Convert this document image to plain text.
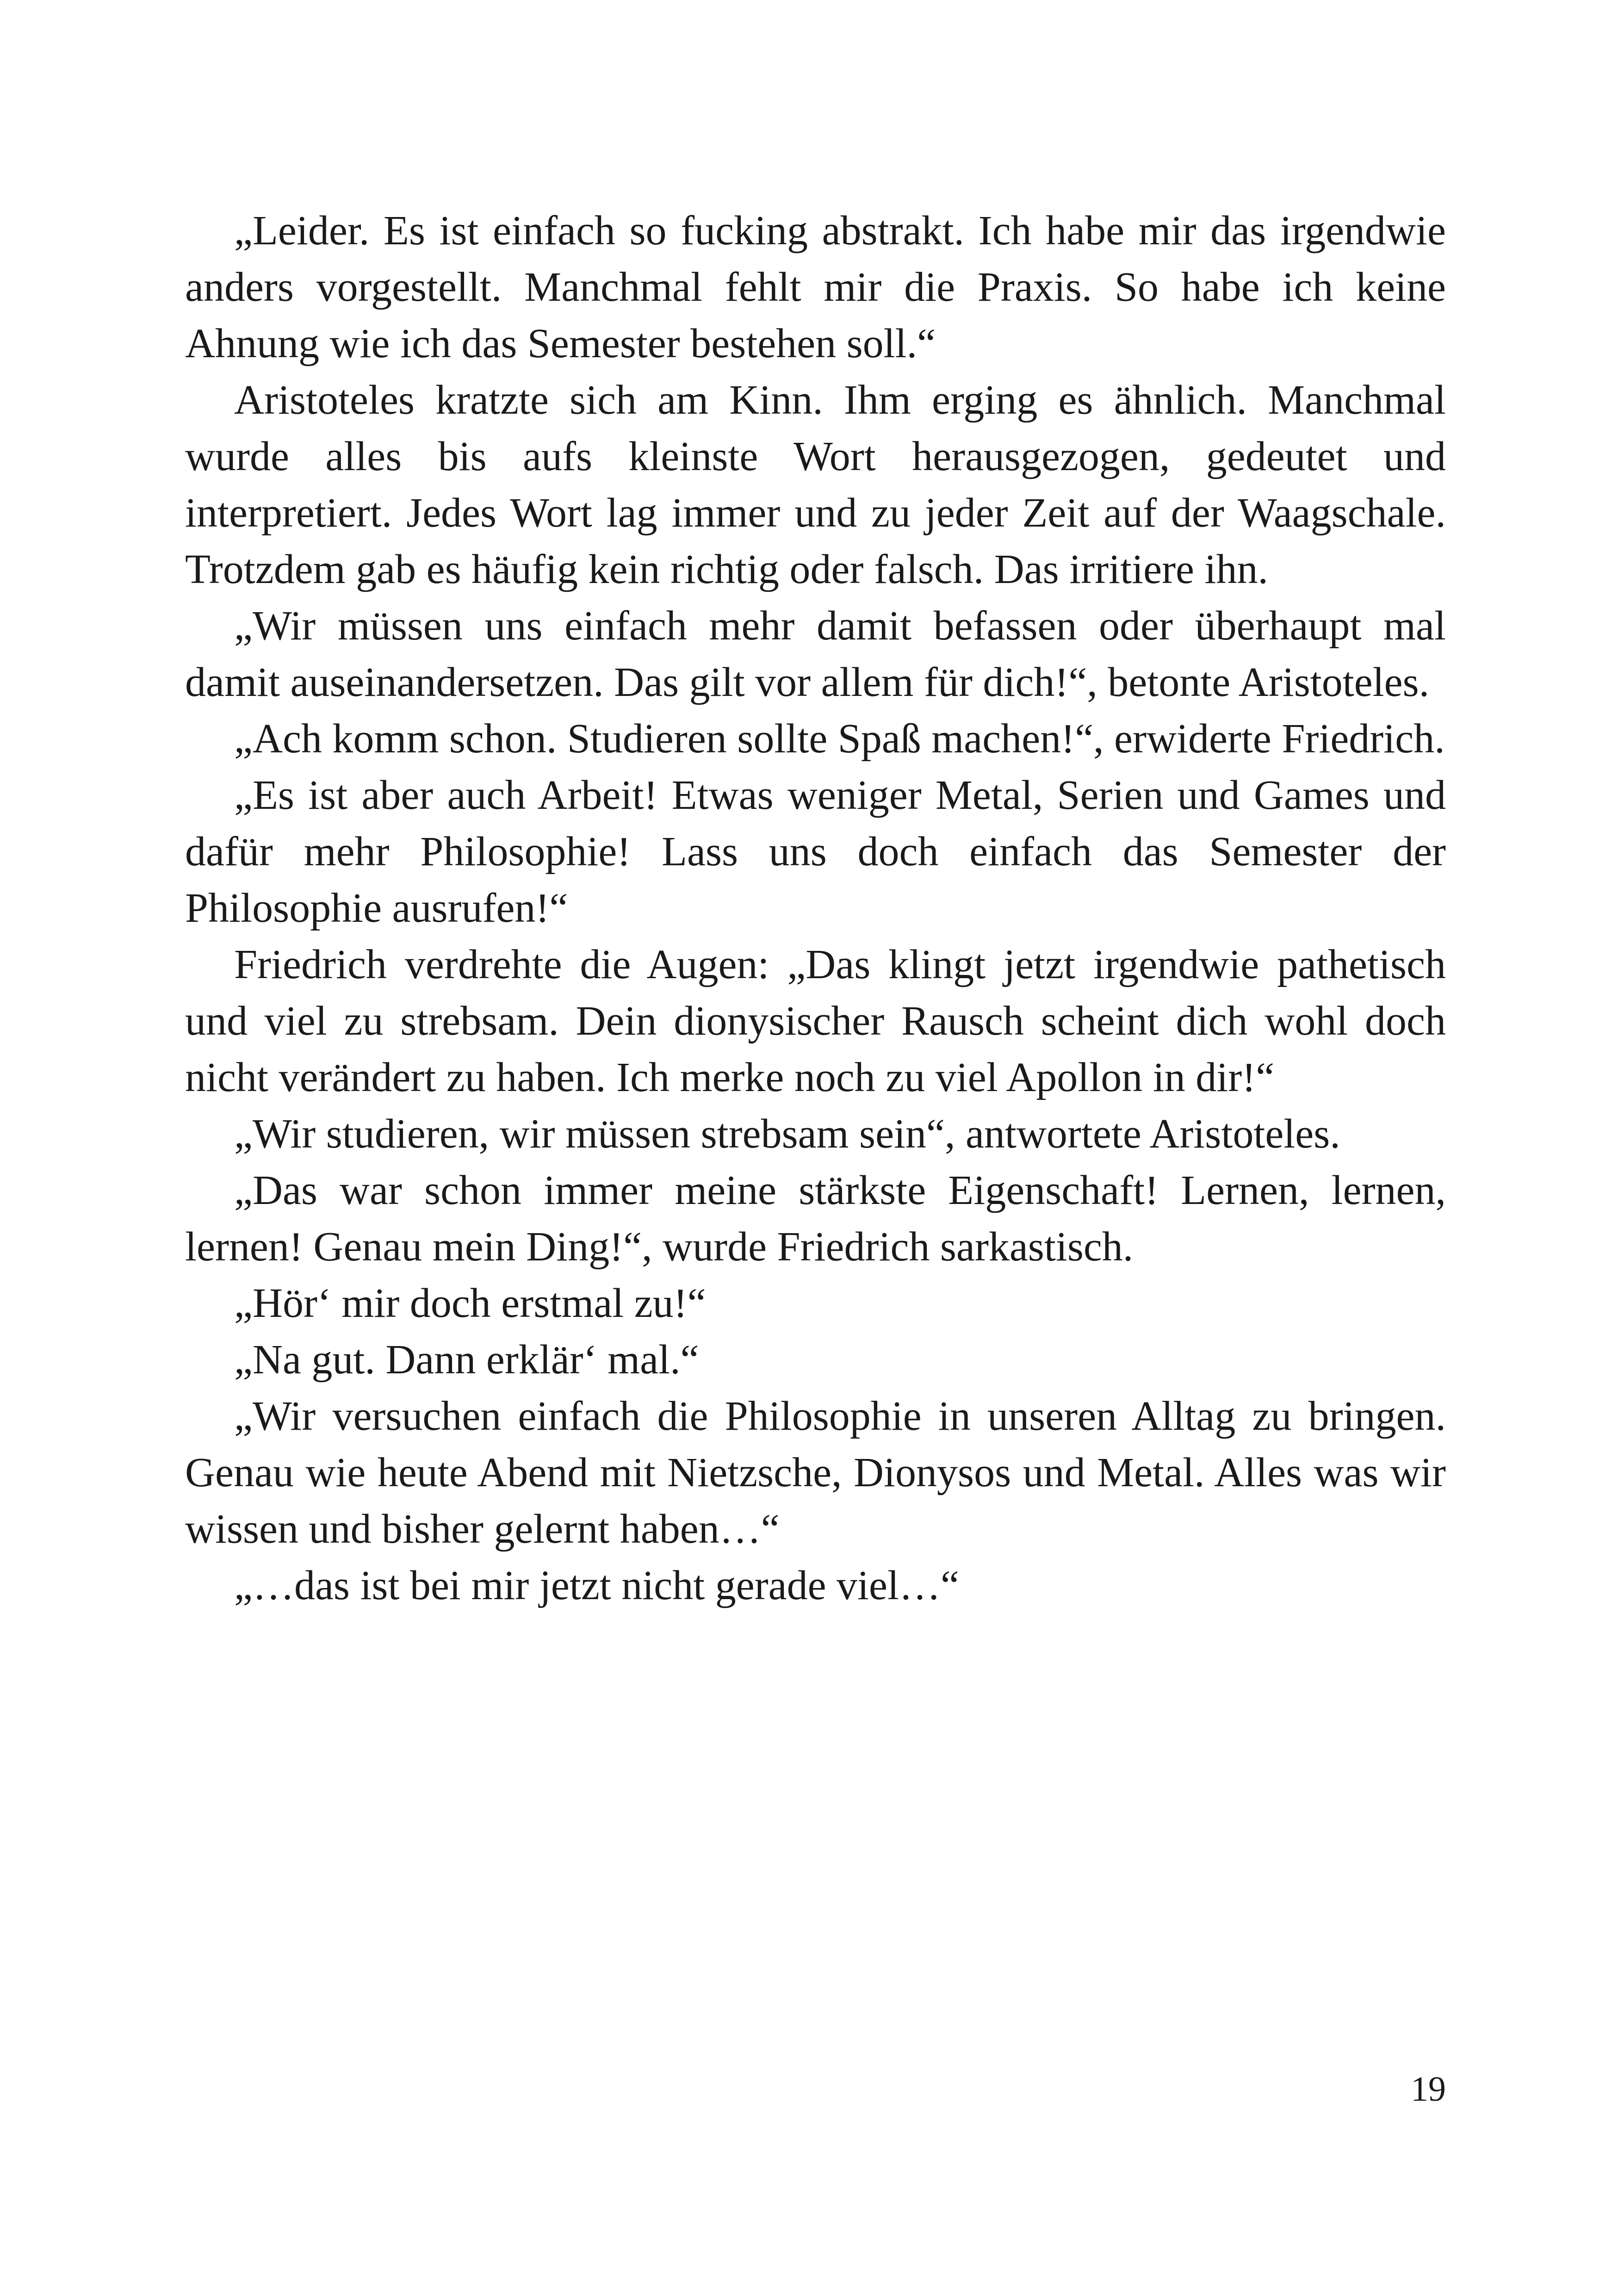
„Leider. Es ist einfach so fucking abstrakt. Ich habe mir das irgendwie anders vorgestellt. Manchmal fehlt mir die Praxis. So habe ich keine Ahnung wie ich das Semester bestehen soll.“

Aristoteles kratzte sich am Kinn. Ihm erging es ähnlich. Manchmal wurde alles bis aufs kleinste Wort herausgezogen, gedeutet und interpretiert. Jedes Wort lag immer und zu jeder Zeit auf der Waagschale. Trotzdem gab es häufig kein richtig oder falsch. Das irritiere ihn.

„Wir müssen uns einfach mehr damit befassen oder überhaupt mal damit auseinandersetzen. Das gilt vor allem für dich!“, betonte Aristoteles.

„Ach komm schon. Studieren sollte Spaß machen!“, erwiderte Friedrich.

„Es ist aber auch Arbeit! Etwas weniger Metal, Serien und Games und dafür mehr Philosophie! Lass uns doch einfach das Semester der Philosophie ausrufen!“

Friedrich verdrehte die Augen: „Das klingt jetzt irgendwie pathetisch und viel zu strebsam. Dein dionysischer Rausch scheint dich wohl doch nicht verändert zu haben. Ich merke noch zu viel Apollon in dir!“

„Wir studieren, wir müssen strebsam sein“, antwortete Aristoteles.

„Das war schon immer meine stärkste Eigenschaft! Lernen, lernen, lernen! Genau mein Ding!“, wurde Friedrich sarkastisch.

„Hör‘ mir doch erstmal zu!“

„Na gut. Dann erklär‘ mal.“

„Wir versuchen einfach die Philosophie in unseren Alltag zu bringen. Genau wie heute Abend mit Nietzsche, Dionysos und Metal. Alles was wir wissen und bisher gelernt haben…“

„…das ist bei mir jetzt nicht gerade viel…“

19
